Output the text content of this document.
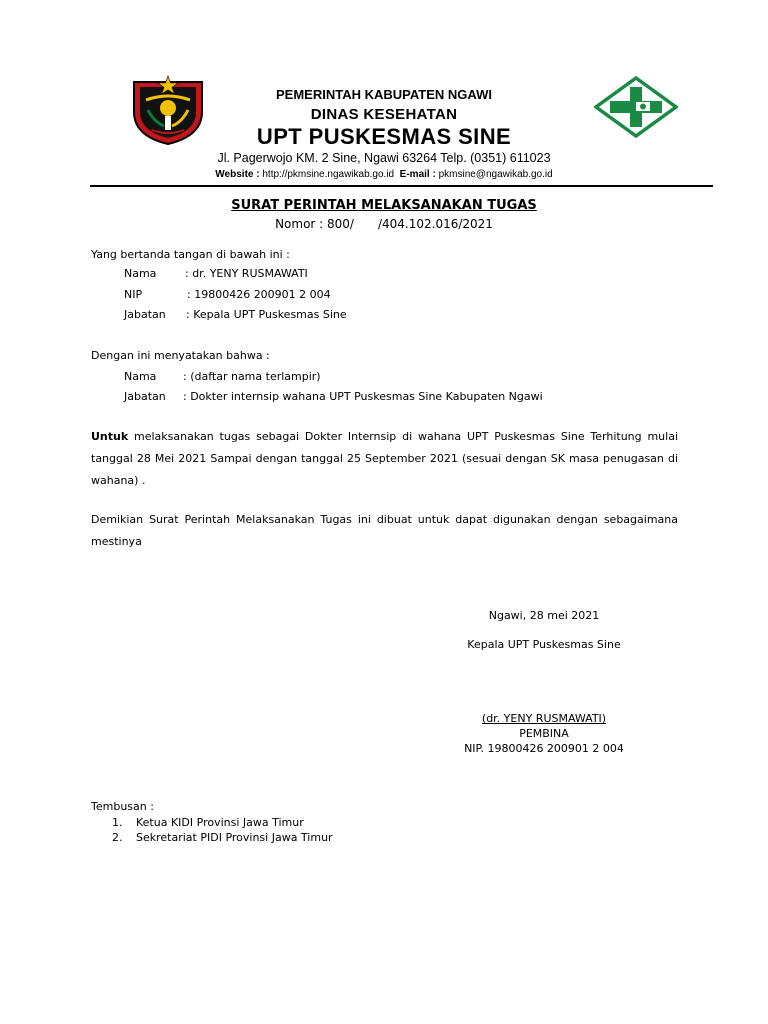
PEMERINTAH KABUPATEN NGAWI
DINAS KESEHATAN
UPT PUSKESMAS SINE
Jl. Pagerwojo KM. 2 Sine, Ngawi 63264 Telp. (0351) 611023
Website : http://pkmsine.ngawikab.go.id E-mail : pkmsine@ngawikab.go.id
SURAT PERINTAH MELAKSANAKAN TUGAS
Nomor : 800/ /404.102.016/2021
Yang bertanda tangan di bawah ini :
Nama	: dr. YENY RUSMAWATI
NIP	: 19800426 200901 2 004
Jabatan : Kepala UPT Puskesmas Sine
Dengan ini menyatakan bahwa :
Nama : (daftar nama terlampir)
Jabatan : Dokter internsip wahana UPT Puskesmas Sine Kabupaten Ngawi
Untuk melaksanakan tugas sebagai Dokter Internsip di wahana UPT Puskesmas Sine Terhitung mulai tanggal 28 Mei 2021 Sampai dengan tanggal 25 September 2021 (sesuai dengan SK masa penugasan di wahana) .
Demikian Surat Perintah Melaksanakan Tugas ini dibuat untuk dapat digunakan dengan sebagaimana mestinya
Ngawi, 28 mei 2021
Kepala UPT Puskesmas Sine
(dr. YENY RUSMAWATI)
PEMBINA
NIP. 19800426 200901 2 004
Tembusan :
1. Ketua KIDI Provinsi Jawa Timur
2. Sekretariat PIDI Provinsi Jawa Timur
